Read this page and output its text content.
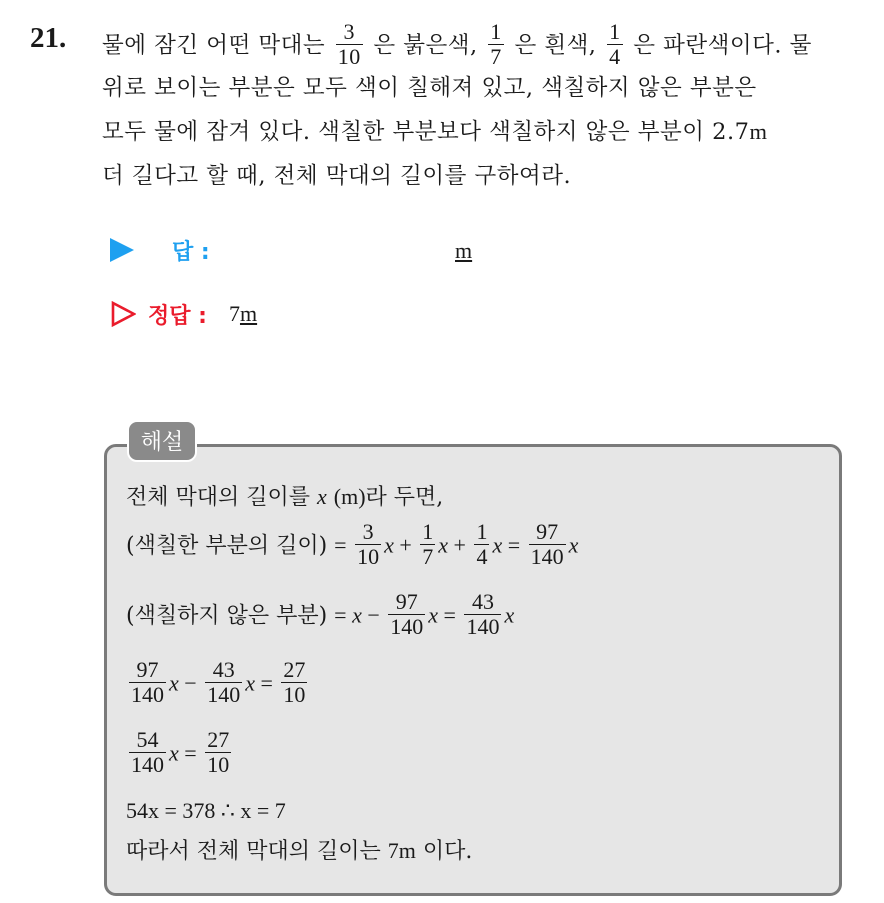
21. 물에 잠긴 어떤 막대는 $\frac{3}{10}$ 은 붉은색, $\frac{1}{7}$ 은 흰색, $\frac{1}{4}$ 은 파란색이다. 물
위로 보이는 부분은 모두 색이 칠해져 있고, 색칠하지 않은 부분은
모두 물에 잠겨 있다. 색칠한 부분보다 색칠하지 않은 부분이 2.7m
더 길다고 할 때, 전체 막대의 길이를 구하여라.
답 :	m
정답 : 7m
해설
전체 막대의 길이를 x (m)라 두면,
(색칠한 부분의 길이) = $\frac{3}{10}$ $x + \frac{1}{7}$ $x + \frac{1}{4}$ $x = \frac{97}{140}$ x
(색칠하지 않은 부분) = $x - \frac{97}{140}$ $x = \frac{43}{140}$ x
$\frac{97}{140}$ $x - \frac{43}{140}$ $x = \frac{27}{10}$
$\frac{54}{140}$ $x = \frac{27}{10}$
54x = 378 ∴ x = 7
따라서 전체 막대의 길이는 7m 이다.
